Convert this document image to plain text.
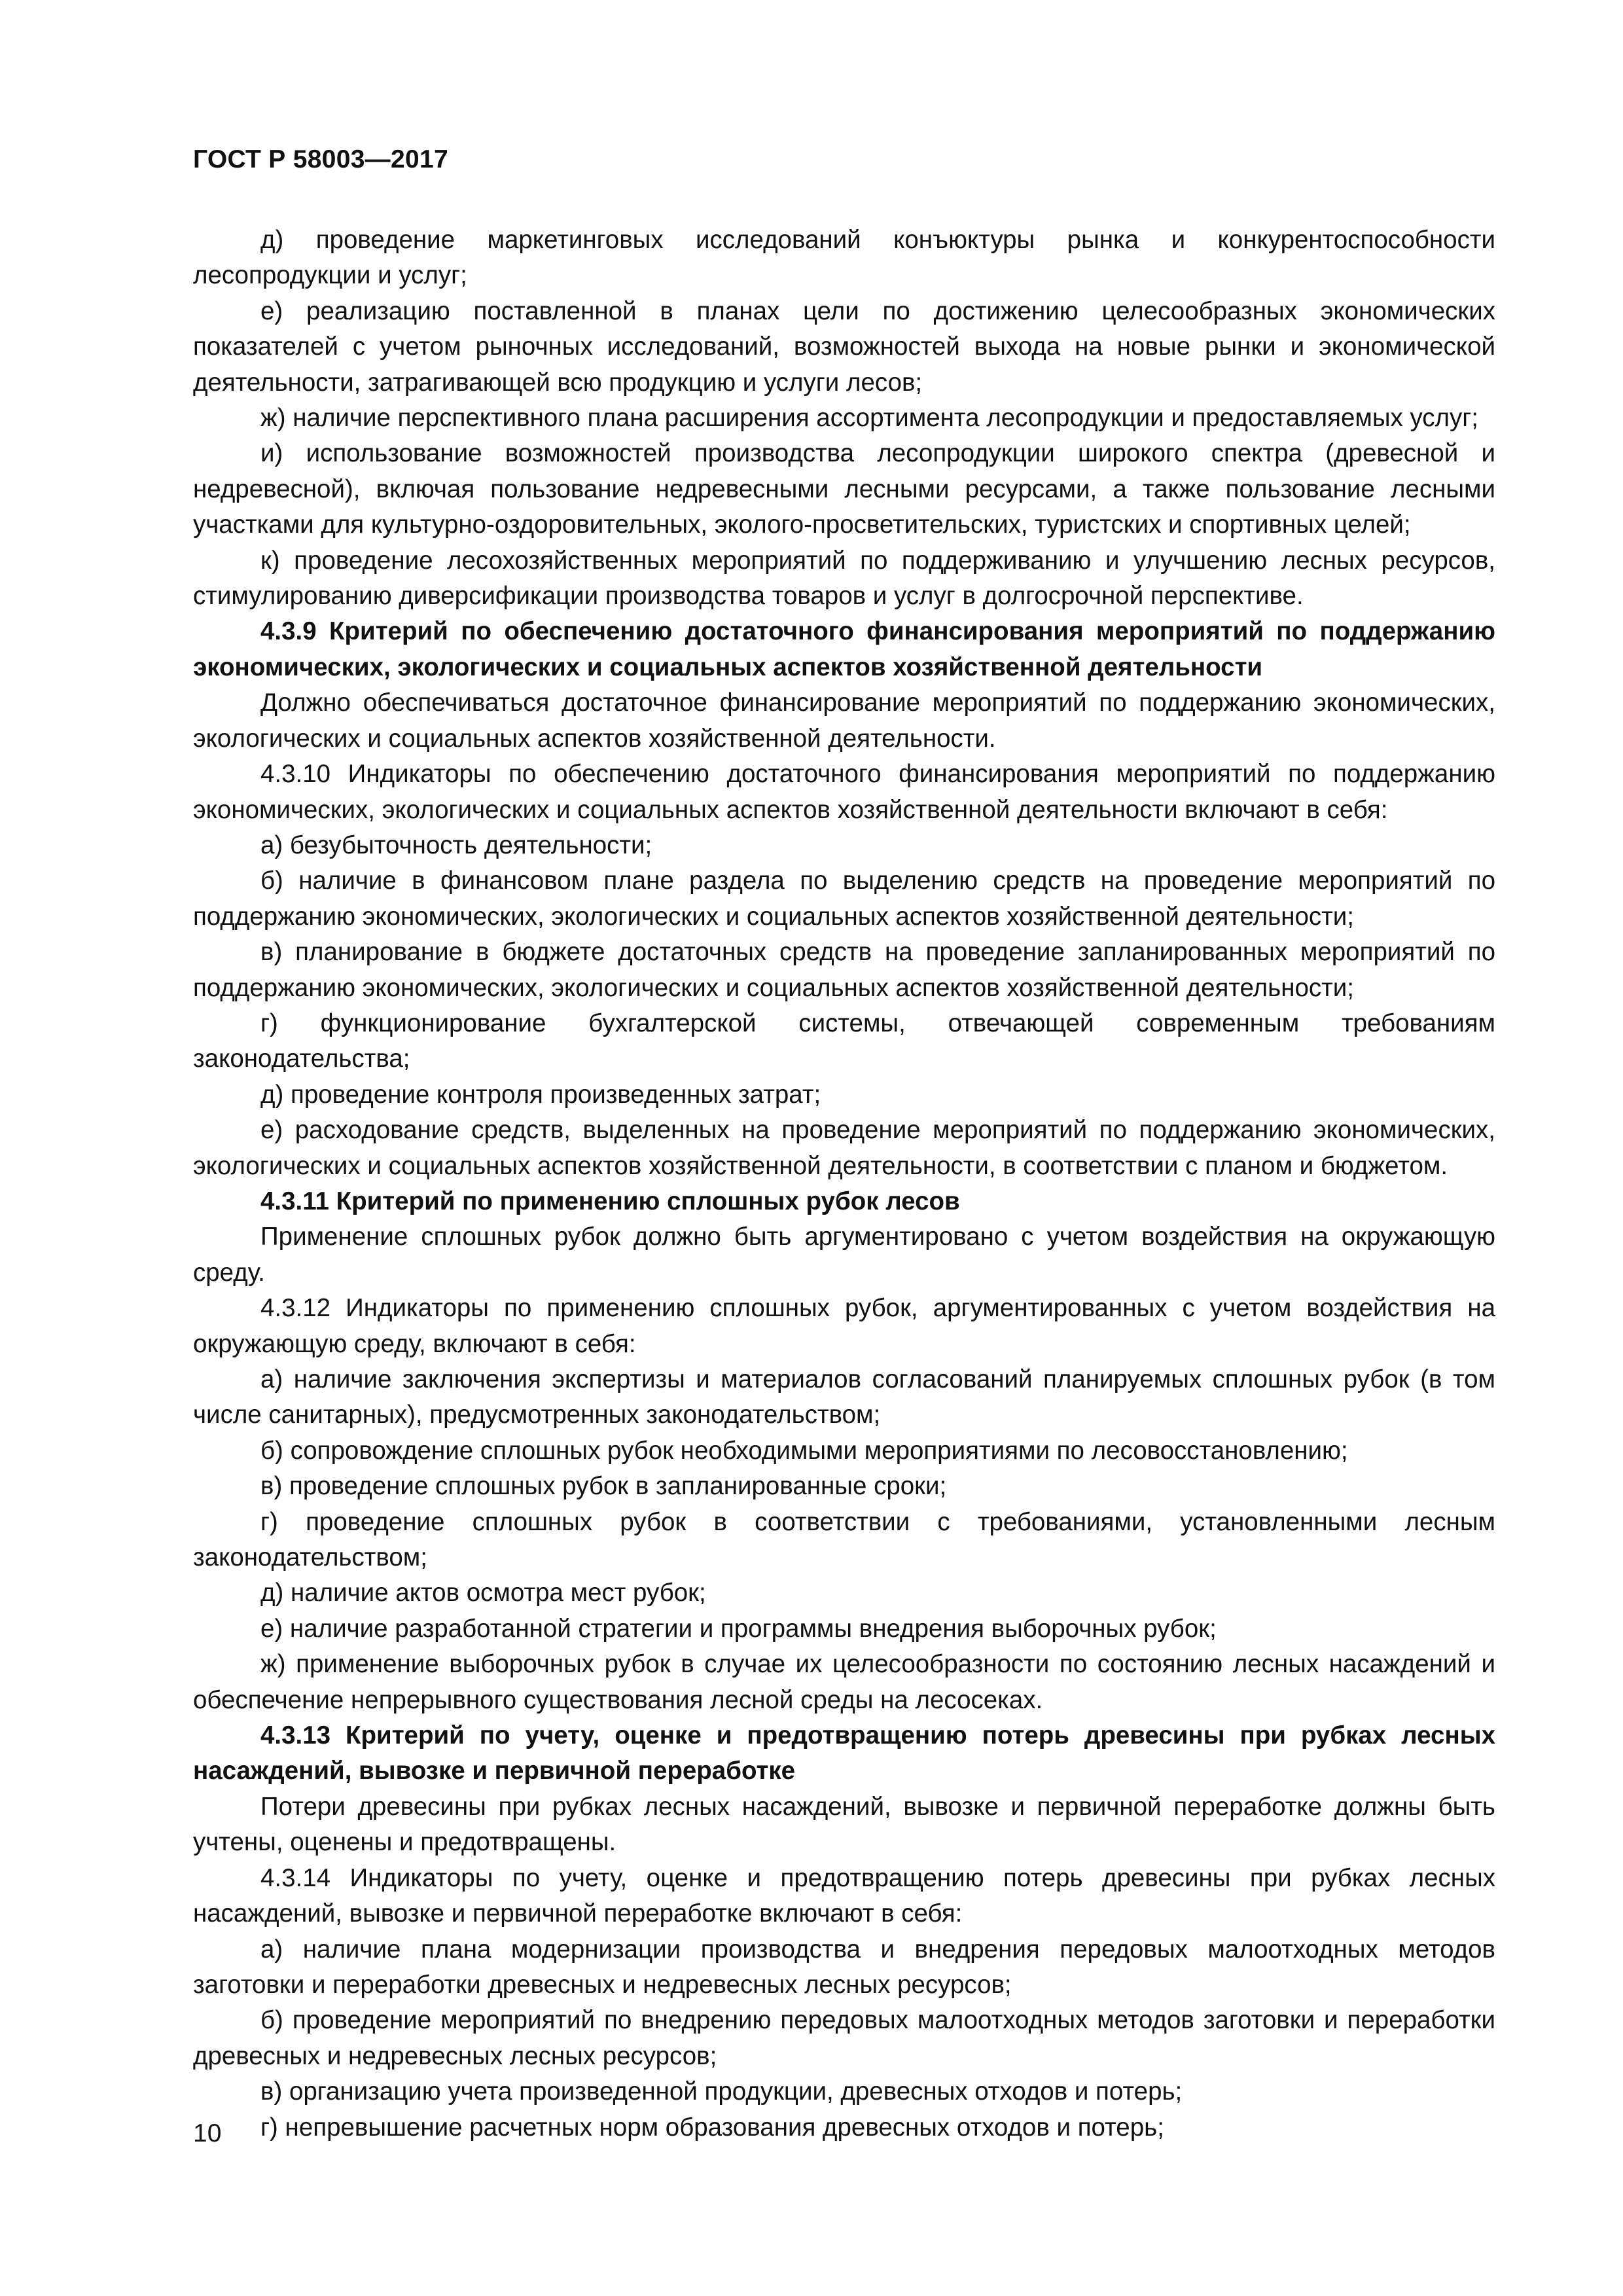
ГОСТ Р 58003—2017

д) проведение маркетинговых исследований конъюктуры рынка и конкурентоспособности лесопродукции и услуг;

е) реализацию поставленной в планах цели по достижению целесообразных экономических показателей с учетом рыночных исследований, возможностей выхода на новые рынки и экономической деятельности, затрагивающей всю продукцию и услуги лесов;

ж) наличие перспективного плана расширения ассортимента лесопродукции и предоставляемых услуг;

и) использование возможностей производства лесопродукции широкого спектра (древесной и недревесной), включая пользование недревесными лесными ресурсами, а также пользование лесными участками для культурно-оздоровительных, эколого-просветительских, туристских и спортивных целей;

к) проведение лесохозяйственных мероприятий по поддерживанию и улучшению лесных ресурсов, стимулированию диверсификации производства товаров и услуг в долгосрочной перспективе.

4.3.9 Критерий по обеспечению достаточного финансирования мероприятий по поддержанию экономических, экологических и социальных аспектов хозяйственной деятельности

Должно обеспечиваться достаточное финансирование мероприятий по поддержанию экономических, экологических и социальных аспектов хозяйственной деятельности.

4.3.10 Индикаторы по обеспечению достаточного финансирования мероприятий по поддержанию экономических, экологических и социальных аспектов хозяйственной деятельности включают в себя:

а) безубыточность деятельности;

б) наличие в финансовом плане раздела по выделению средств на проведение мероприятий по поддержанию экономических, экологических и социальных аспектов хозяйственной деятельности;

в) планирование в бюджете достаточных средств на проведение запланированных мероприятий по поддержанию экономических, экологических и социальных аспектов хозяйственной деятельности;

г) функционирование бухгалтерской системы, отвечающей современным требованиям законодательства;

д) проведение контроля произведенных затрат;

е) расходование средств, выделенных на проведение мероприятий по поддержанию экономических, экологических и социальных аспектов хозяйственной деятельности, в соответствии с планом и бюджетом.

4.3.11 Критерий по применению сплошных рубок лесов

Применение сплошных рубок должно быть аргументировано с учетом воздействия на окружающую среду.

4.3.12 Индикаторы по применению сплошных рубок, аргументированных с учетом воздействия на окружающую среду, включают в себя:

а) наличие заключения экспертизы и материалов согласований планируемых сплошных рубок (в том числе санитарных), предусмотренных законодательством;

б) сопровождение сплошных рубок необходимыми мероприятиями по лесовосстановлению;

в) проведение сплошных рубок в запланированные сроки;

г) проведение сплошных рубок в соответствии с требованиями, установленными лесным законодательством;

д) наличие актов осмотра мест рубок;

е) наличие разработанной стратегии и программы внедрения выборочных рубок;

ж) применение выборочных рубок в случае их целесообразности по состоянию лесных насаждений и обеспечение непрерывного существования лесной среды на лесосеках.

4.3.13 Критерий по учету, оценке и предотвращению потерь древесины при рубках лесных насаждений, вывозке и первичной переработке

Потери древесины при рубках лесных насаждений, вывозке и первичной переработке должны быть учтены, оценены и предотвращены.

4.3.14 Индикаторы по учету, оценке и предотвращению потерь древесины при рубках лесных насаждений, вывозке и первичной переработке включают в себя:

а) наличие плана модернизации производства и внедрения передовых малоотходных методов заготовки и переработки древесных и недревесных лесных ресурсов;

б) проведение мероприятий по внедрению передовых малоотходных методов заготовки и переработки древесных и недревесных лесных ресурсов;

в) организацию учета произведенной продукции, древесных отходов и потерь;

г) непревышение расчетных норм образования древесных отходов и потерь;

10
